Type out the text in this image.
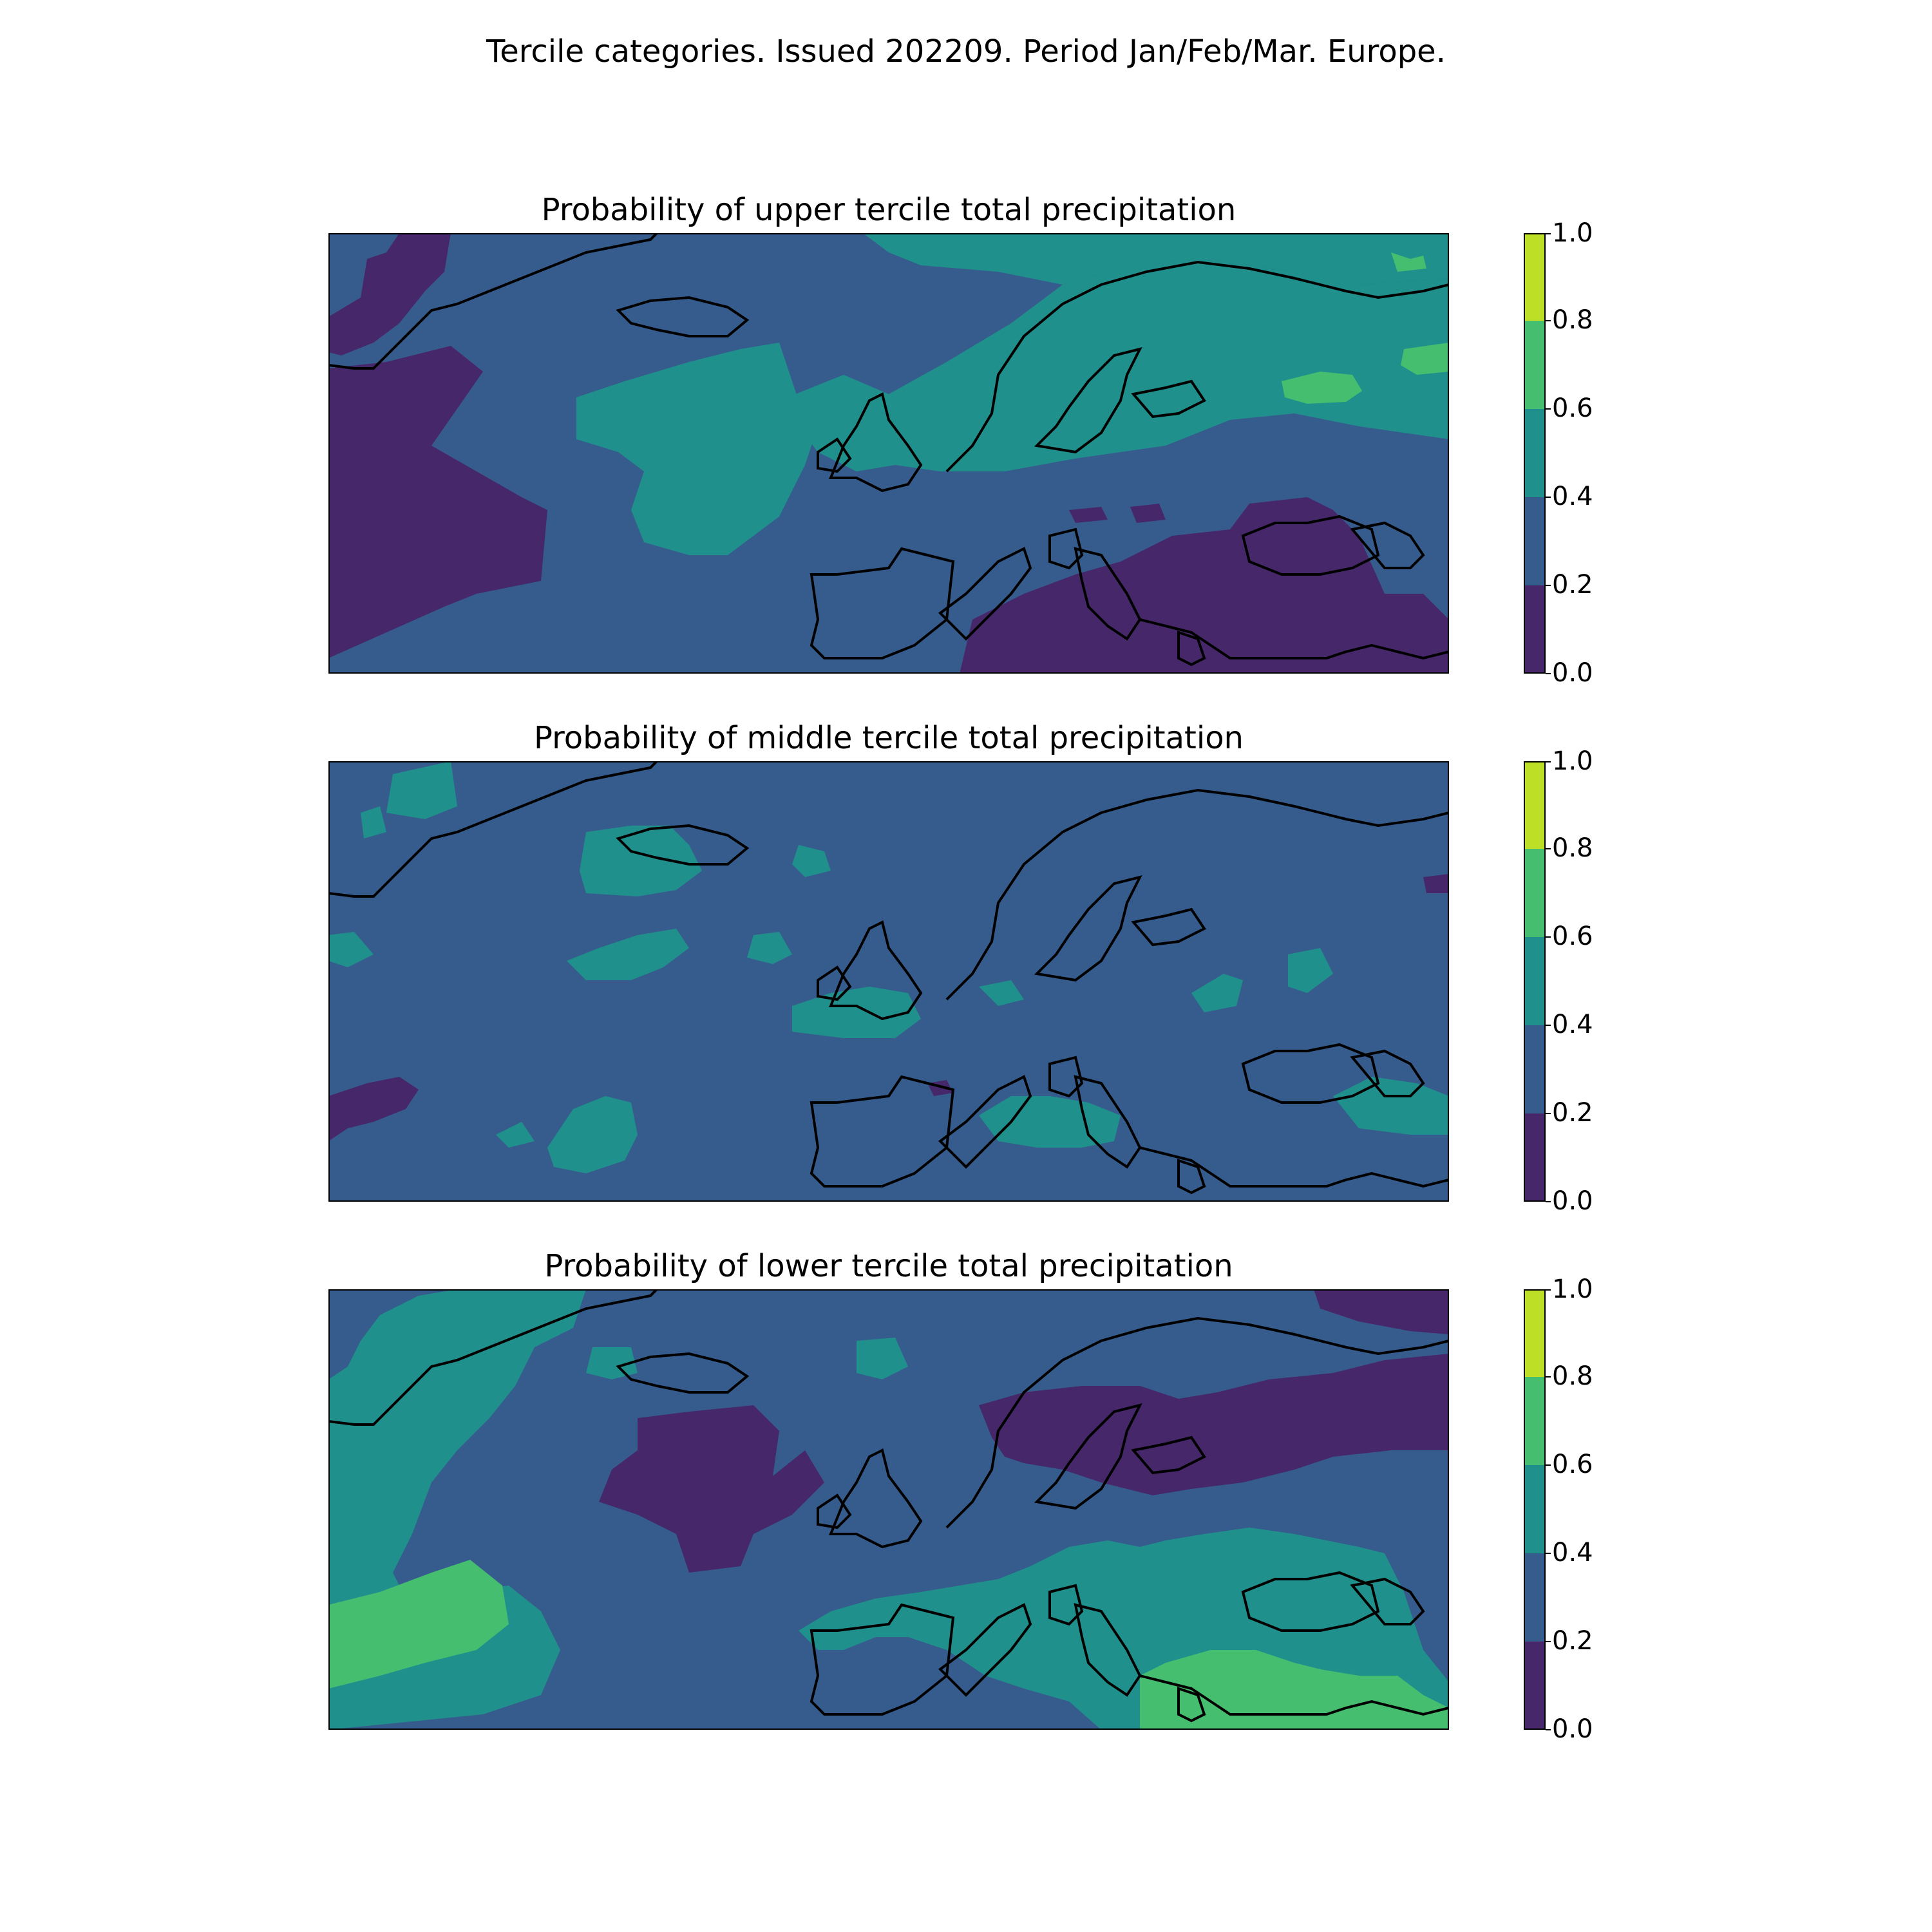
Tercile categories. Issued 202209. Period Jan/Feb/Mar. Europe.
Probability of upper tercile total precipitation
0.0
0.2
0.4
0.6
0.8
1.0
Probability of middle tercile total precipitation
0.0
0.2
0.4
0.6
0.8
1.0
Probability of lower tercile total precipitation
0.0
0.2
0.4
0.6
0.8
1.0
